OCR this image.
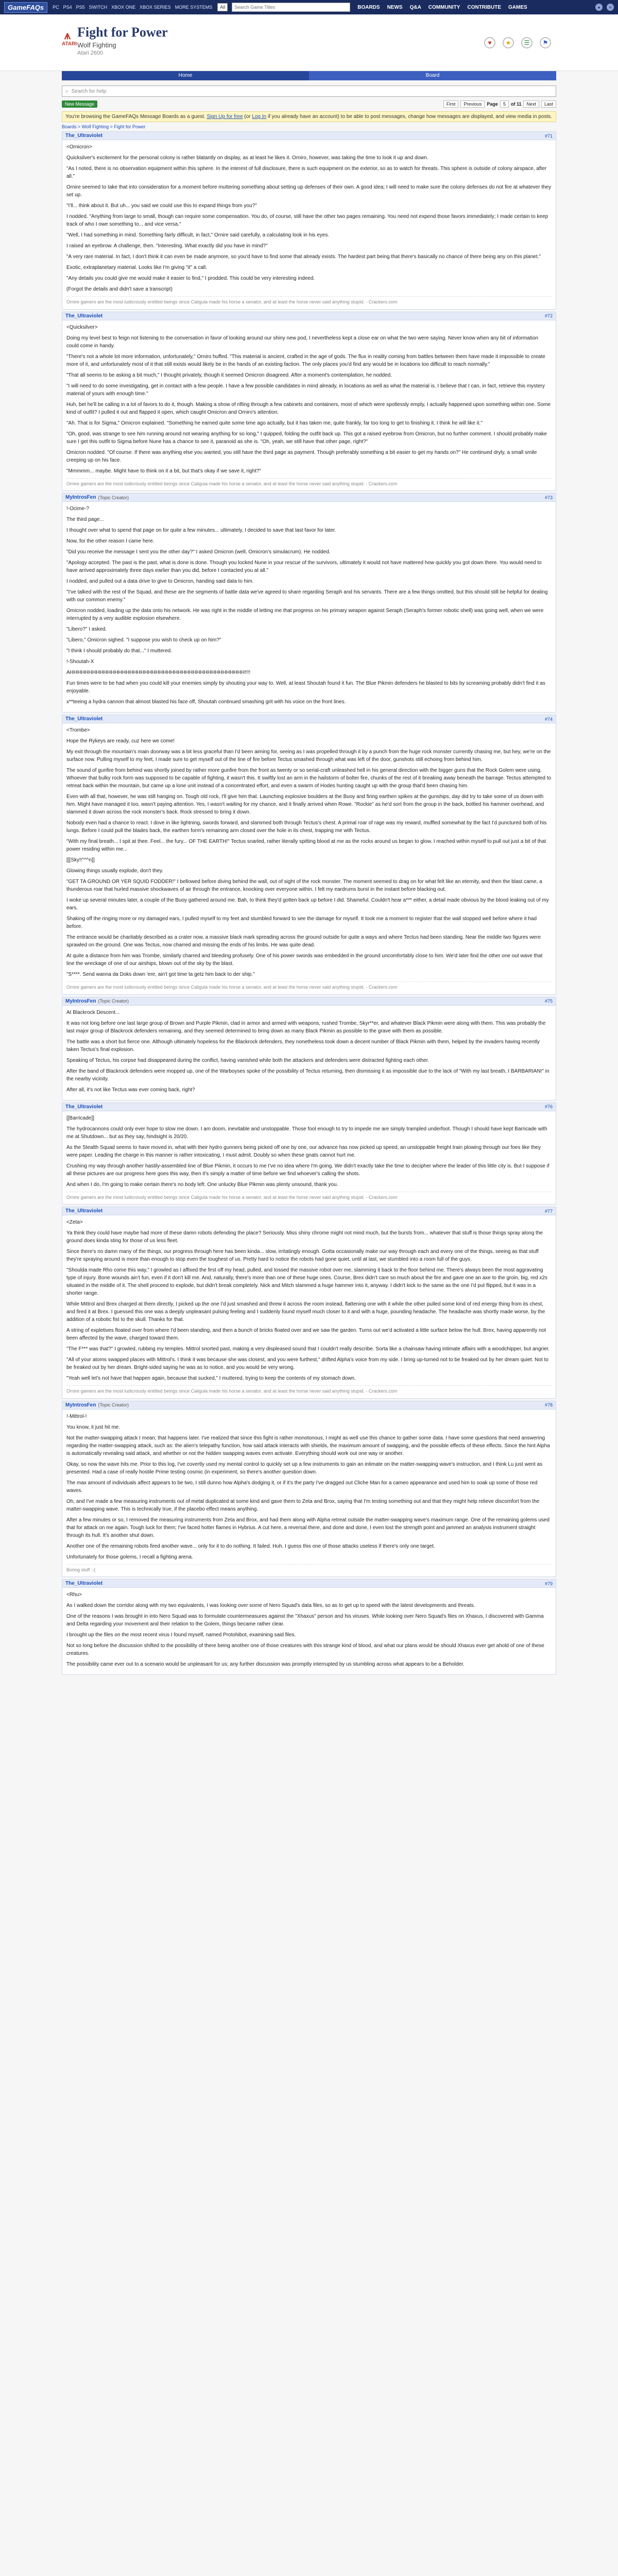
GameFAQs	PC PS4 PS5 SWITCH XBOX ONE XBOX SERIES MORE SYSTEMS	All
Search Game Titles	BOARDS NEWS Q&A COMMUNITY CONTRIBUTE GAMES	●	≡
⩚
ATARI
Fight for Power
Wolf Fighting
Atari 2600
♥	★	☰	⚑
Home	Board
⌕ Search for help
New Message	First	Previous	Page	5	of 11	Next	Last
You're browsing the GameFAQs Message Boards as a guest. Sign Up for free (or Log In if you already have an account) to be able to post messages, change how messages are displayed, and view media in posts.
Boards > Wolf Fighting > Fight for Power
The_Ultraviolet	#71

<Ornicron>

Quicksilver's excitement for the personal colony is rather blatantly on display, as at least he likes it. Orniro, however, was taking the time to look it up and down.

"As I noted, there is no observation equipment within this sphere. In the interest of full disclosure, there is such equipment on the exterior, so as to watch for threats. This sphere is outside of colony airspace, after all."

Ornire seemed to take that into consideration for a moment before muttering something about setting up defenses of their own. A good idea; I will need to make sure the colony defenses do not fire at whatever they set up.

"I'll... think about it. But uh... you said we could use this to expand things from you?"

I nodded. "Anything from large to small, though can require some compensation. You do, of course, still have the other two pages remaining. You need not expend those favors immediately; I made certain to keep track of who I owe something to... and vice versa."

"Well, I had something in mind. Something fairly difficult, in fact," Ornire said carefully, a calculating look in his eyes.

I raised an eyebrow. A challenge, then. "Interesting. What exactly did you have in mind?"

"A very rare material. In fact, I don't think it can even be made anymore, so you'd have to find some that already exists. The hardest part being that there's basically no chance of there being any on this planet."

Exotic, extraplanetary material. Looks like I'm giving "it" a call.

"Any details you could give me would make it easier to find," I prodded. This could be very interesting indeed.

(Forgot the details and didn't save a transcript)

Ornire gamers are the most ludicrously entitled beings since Caligula made his horse a senator, and at least the horse never said anything stupid. - Crackers.com
The_Ultraviolet	#72

<Quicksilver>

Doing my level best to feign not listening to the conversation in favor of looking around our shiny new pod, I nevertheless kept a close ear on what the two were saying. Never know when any bit of information could come in handy.

"There's not a whole lot more information, unfortunately," Orniro huffed. "This material is ancient, crafted in the age of gods. The flux in reality coming from battles between them have made it impossible to create more of it, and unfortunately most of it that still exists would likely be in the hands of an existing faction. The only places you'd find any would be in locations too difficult to reach normally."

"That all seems to be asking a bit much," I thought privately, though it seemed Omicron disagreed. After a moment's contemplation, he nodded.

"I will need to do some investigating, get in contact with a few people. I have a few possible candidates in mind already, in locations as well as what the material is. I believe that I can, in fact, retrieve this mystery material of yours with enough time."

Huh, bet he'll be calling in a lot of favors to do it, though. Making a show of rifling through a few cabinets and containers, most of which were spotlessly empty, I actually happened upon something within one. Some kind of outfit? I pulled it out and flapped it open, which caught Omicron and Orniro's attention.

"Ah. That is for Sigma," Omicron explained. "Something he earned quite some time ago actually, but it has taken me, quite frankly, far too long to get to finishing it. I think he will like it."

"Oh, good, was strange to see him running around not wearing anything for so long," I quipped, folding the outfit back up. This got a raised eyebrow from Omicron, but no further comment. I should probably make sure I get this outfit to Sigma before Nune has a chance to see it, paranoid as she is. "Oh, yeah, we still have that other page, right?"

Omicron nodded. "Of course. If there was anything else you wanted, you still have the third page as payment. Though preferably something a bit easier to get my hands on?" He continued dryly, a small smile creeping up on his face.

"Mmmmm... maybe. Might have to think on it a bit, but that's okay if we save it, right?"

Ornire gamers are the most ludicrously entitled beings since Caligula made his horse a senator, and at least the horse never said anything stupid. - Crackers.com
MyIntrosFen (Topic Creator)	#73

!-Ocime-?

The third page...

I thought over what to spend that page on for quite a few minutes... ultimately, I decided to save that last favor for later.

Now, for the other reason I came here.

"Did you receive the message I sent you the other day?" I asked Omicron (well, Omicron's simulacrum). He nodded.

"Apology accepted. The past is the past, what is done is done. Though you locked Nune in your rescue of the survivors, ultimately it would not have mattered how quickly you got down there. You would need to have arrived approximately three days earlier than you did, before I contacted you at all."

I nodded, and pulled out a data drive to give to Omicron, handing said data to him.

"I've talked with the rest of the Squad, and these are the segments of battle data we've agreed to share regarding Seraph and his servants. There are a few things omitted, but this should still be helpful for dealing with our common enemy."

Omicron nodded, loading up the data onto his network. He was right in the middle of letting me that progress on his primary weapon against Seraph (Seraph's former robotic shell) was going well, when we were interrupted by a very audible explosion elsewhere.

"Libero?" I asked.

"Libero," Omicron sighed. "I suppose you wish to check up on him?"

"I think I should probably do that..." I muttered.

!-Shoutah-X

AHHHHHHHHHHHHHHHHHHHHHHHHHHHHHHHHHHHHHHHHHHHHHHH!!!!

Fun times were to be had when you could kill your enemies simply by shouting your way to. Well, at least Shoutah found it fun. The Blue Pikmin defenders he blasted to bits by screaming probably didn't find it as enjoyable.

x**teeing a hydra cannon that almost blasted his face off, Shoutah continued smashing grit with his voice on the front lines.

The_Ultraviolet	#74

<Trombe>

Hope the Rykeys are ready, cuz here we come!

My exit through the mountain's main doorway was a bit less graceful than I'd been aiming for, seeing as I was propelled through it by a punch from the huge rock monster currently chasing me, but hey, we're on the surface now. Pulling myself to my feet, I made sure to get myself out of the line of fire before Tectus smashed through what was left of the door, gunshots still echoing from behind him.

The sound of gunfire from behind was shortly joined by rather more gunfire from the front as twenty or so serial-craft unleashed hell in his general direction with the bigger guns that the Rock Golem were using. Whoever that bulky rock form was supposed to be capable of fighting, it wasn't this. It swiftly lost an arm in the hailstorm of bolter fire, chunks of the rest of it breaking away beneath the barrage. Tectus attempted to retreat back within the mountain, but came up a lone unit instead of a concentrated effort, and even a swarm of Hodes hunting caught up with the group that'd been chasing him.

Even with all that, however, he was still hanging on. Tough old rock, I'll give him that. Launching explosive boulders at the Buoy and firing earthen spikes at the gunships, day did try to take some of us down with him. Might have managed it too, wasn't paying attention. Yes, I wasn't waiting for my chance, and it finally arrived when Rowe. "Rockie" as he'd sort from the group in the back, bottled his hammer overhead, and slammed it down across the rock monster's back. Rock stressed to bring it down.

Nobody even had a chance to react. I dove in like lightning, swords forward, and slammed both through Tectus's chest. A primal roar of rage was my reward, muffled somewhat by the fact I'd punctured both of his lungs. Before I could pull the blades back, the earthen form's remaining arm closed over the hole in its chest, trapping me with Tectus.

"With my final breath... I spit at thee. Feel... the fury... OF THE EARTH!" Tectus snarled, rather literally spitting blood at me as the rocks around us began to glow. I reached within myself to pull out just a bit of that power residing within me...

[[[Sky!!"^^n]]

Glowing things usually explode, don't they.

"GET TA GROUND OR YER SQUID FODDER!" I bellowed before diving behind the wall, out of sight of the rock monster. The moment seemed to drag on for what felt like an eternity, and then the blast came, a thunderous roar that hurled massive shockwaves of air through the entrance, knocking over everyone within. I felt my eardrums burst in the instant before blacking out.

I woke up several minutes later, a couple of the Buoy gathered around me. Bah, to think they'd gotten back up before I did. Shameful. Couldn't hear a*** either, a detail made obvious by the blood leaking out of my ears.

Shaking off the ringing more or my damaged ears, I pulled myself to my feet and stumbled forward to see the damage for myself. It took me a moment to register that the wall stopped well before where it had before.

The entrance would be charitably described as a crater now, a massive black mark spreading across the ground outside for quite a ways and where Tectus had been standing. Near the middle two figures were sprawled on the ground. One was Tectus, now charred and missing the ends of his limbs. He was quite dead.

At quite a distance from him was Trombe, similarly charred and bleeding profusely. One of his power swords was embedded in the ground uncomfortably close to him. We'd later find the other one out wave that line the wreckage of one of our airships, blown out of the sky by the blast.

"S****. Send wanna da Doks down 'ere, ain't got time ta getz him back to der ship."

Ornire gamers are the most ludicrously entitled beings since Caligula made his horse a senator, and at least the horse never said anything stupid. - Crackers.com
MyIntrosFen (Topic Creator)	#75

At Blackrock Descent...

It was not long before one last large group of Brown and Purple Pikmin, clad in armor and armed with weapons, rushed Trombe, Skyr**er, and whatever Black Pikmin were along with them. This was probably the last major group of Blackrock defenders remaining, and they seemed determined to bring down as many Black Pikmin as possible to the grave with them as possible.

The battle was a short but fierce one. Although ultimately hopeless for the Blackrock defenders, they nonetheless took down a decent number of Black Pikmin with them, helped by the invaders having recently taken Tectus's final explosion.

Speaking of Tectus, his corpse had disappeared during the conflict, having vanished while both the attackers and defenders were distracted fighting each other.

After the band of Blackrock defenders were mopped up, one of the Warboyses spoke of the possibility of Tectus returning, then dismissing it as impossible due to the lack of "With my last breath, I BARBARIAN!" in the nearby vicinity.

After all, it's not like Tectus was ever coming back, right?

The_Ultraviolet	#76

[[Barricade]]

The hydrocannons could only ever hope to slow me down. I am doom, inevitable and unstoppable. Those fool enough to try to impede me are simply trampled underfoot. Though I should have kept Barricade with me at Shutdown... but as they say, hindsight is 20/20.

As the Stealth Squad seems to have moved in, what with their hydro gunners being picked off one by one, our advance has now picked up speed, an unstoppable freight train plowing through our foes like they were paper. Leading the charge in this manner is rather intoxicating, I must admit. Doubly so when these gnats cannot hurt me.

Crushing my way through another hastily-assembled line of Blue Pikmin, it occurs to me I've no idea where I'm going. We didn't exactly take the time to decipher where the leader of this little city is. But I suppose if all these pictures are our progress here goes this way, then it's simply a matter of time before we find whoever's calling the shots.

And when I do, I'm going to make certain there's no body left. One unlucky Blue Pikmin was plenty unsound, thank you.

Ornire gamers are the most ludicrously entitled beings since Caligula made his horse a senator, and at least the horse never said anything stupid. - Crackers.com
The_Ultraviolet	#77

<Zeta>

Ya think they could have maybe had more of these damn robots defending the place? Seriously. Miss shiny chrome might not mind much, but the bursts from... whatever that stuff is those things spray along the ground does kinda sting for those of us less fleet.

Since there's no damn many of the things, our progress through here has been kinda... slow, irritatingly enough. Gotta occasionally make our way through each and every one of the things, seeing as that stuff they're spraying around is more than enough to stop even the toughest of us. Pretty hard to notice the robots had gone quiet, until at last, we stumbled into a room full of the guys.

"Shoulda made Rho come this way," I growled as I affixed the first off my head, pulled, and tossed the massive robot over me, slamming it back to the floor behind me. There's always been the most aggravating type of injury. Bone wounds ain't fun, even if it don't kill me. And, naturally, there's more than one of these huge ones. Course, Brex didn't care so much about the fire and gave one an axe to the groin, big, red x2s situated in the middle of it. The shell proceed to explode, but didn't break completely. Nick and Mitch slammed a huge hammer into it, anyway. I didn't kick to the same as the one I'd put flipped, but it was in a shorter range.

While Mittrol and Brex charged at them directly, I picked up the one I'd just smashed and threw it across the room instead, flattening one with it while the other pulled some kind of red energy thing from its chest, and fired it at Brex. I guessed this one was a deeply unpleasant pulsing feeling and I suddenly found myself much closer to it and with a huge, pounding headache. The headache was shortly made worse, by the addition of a robotic fist to the skull. Thanks for that.

A string of expletives floated over from where I'd been standing, and then a bunch of bricks floated over and we saw the garden. Turns out we'd activated a little surface below the hull. Brex, having apparently not been affected by the wave, charged toward them.

"The F*** was that?" I growled, rubbing my temples. Mittrol snorted past, making a very displeased sound that I couldn't really describe. Sorta like a chainsaw having intimate affairs with a woodchipper, but angrier.

"All of your atoms swapped places with Mittrol's. I think it was because she was closest, and you were furthest," drifted Alpha's voice from my side. I bring up-turned not to be freaked out by her dream quiet. Not to be freaked out by her dream. Bright-sided saying he was as to notice, and you would be very wrong.

"Yeah well let's not have that happen again, because that sucked," I muttered, trying to keep the contents of my stomach down.

Ornire gamers are the most ludicrously entitled beings since Caligula made his horse a senator, and at least the horse never said anything stupid. - Crackers.com
MyIntrosFen (Topic Creator)	#78

!-Mittrol-!

You know, it just hit me.

Not the matter-swapping attack I mean; that happens later. I've realized that since this fight is rather monotonous, I might as well use this chance to gather some data. I have some questions that need answering regarding the matter-swapping attack, such as: the alien's telepathy function, how said attack interacts with shields, the maximum amount of swapping, and the possible effects of these effects. Since the hint Alpha is automatically revealing said attack, and whether or not the hidden swapping waves even activate. Everything should work out one way or another.

Okay, so now the wave hits me. Prior to this log, I've covertly used my mental control to quickly set up a few instruments to gain an intimate on the matter-swapping wave's instruction, and I think Lu just went as presented. Had a case of really hostile Prime testing cosmic (in experiment, so there's another question down.

The max amount of individuals affect appears to be two, I still dunno how Alpha's dodging it, or if it's the party I've dragged out Cliche Man for a cameo appearance and used him to soak up some of those red waves.

Oh, and I've made a few measuring instruments out of metal duplicated at some kind and gave them to Zeta and Brox, saying that I'm testing something out and that they might help relieve discomfort from the matter-swapping wave. This is technically true, if the placebo effect means anything.

After a few minutes or so, I removed the measuring instruments from Zeta and Brox, and had them along with Alpha retreat outside the matter-swapping wave's maximum range. One of the remaining golems used that for attack on me again. Tough luck for them; I've faced hotter flames in Hybrius. A cut here, a reversal there, and done and done, I even lost the strength point and jammed an analysis instrument straight through its hull. It's another shut down.

Another one of the remaining robots fired another wave... only for it to do nothing. It failed. Huh. I guess this one of those attacks useless if there's only one target.

Unfortunately for those golems, I recall a fighting arena.

Boring stuff :-(
The_Ultraviolet	#79

<Rhu>

As I walked down the corridor along with my two equivalents, I was looking over some of Nero Squad's data files, so as to get up to speed with the latest developments and threats.

One of the reasons I was brought in into Nero Squad was to formulate countermeasures against the "Xhaxus" person and his viruses. While looking over Nero Squad's files on Xhaxus, I discovered with Gamma and Delta regarding your movement and their relation to the Golem, things became rather clear.

I brought up the files on the most recent virus I found myself, named Protohibot, examining said files.

Not so long before the discussion shifted to the possibility of there being another one of those creatures with this strange kind of blood, and what our plans would be should Xhaxus ever get ahold of one of these creatures.

The possibility came ever out to a scenario would be unpleasant for us; any further discussion was promptly interrupted by us stumbling across what appears to be a Beholder.
